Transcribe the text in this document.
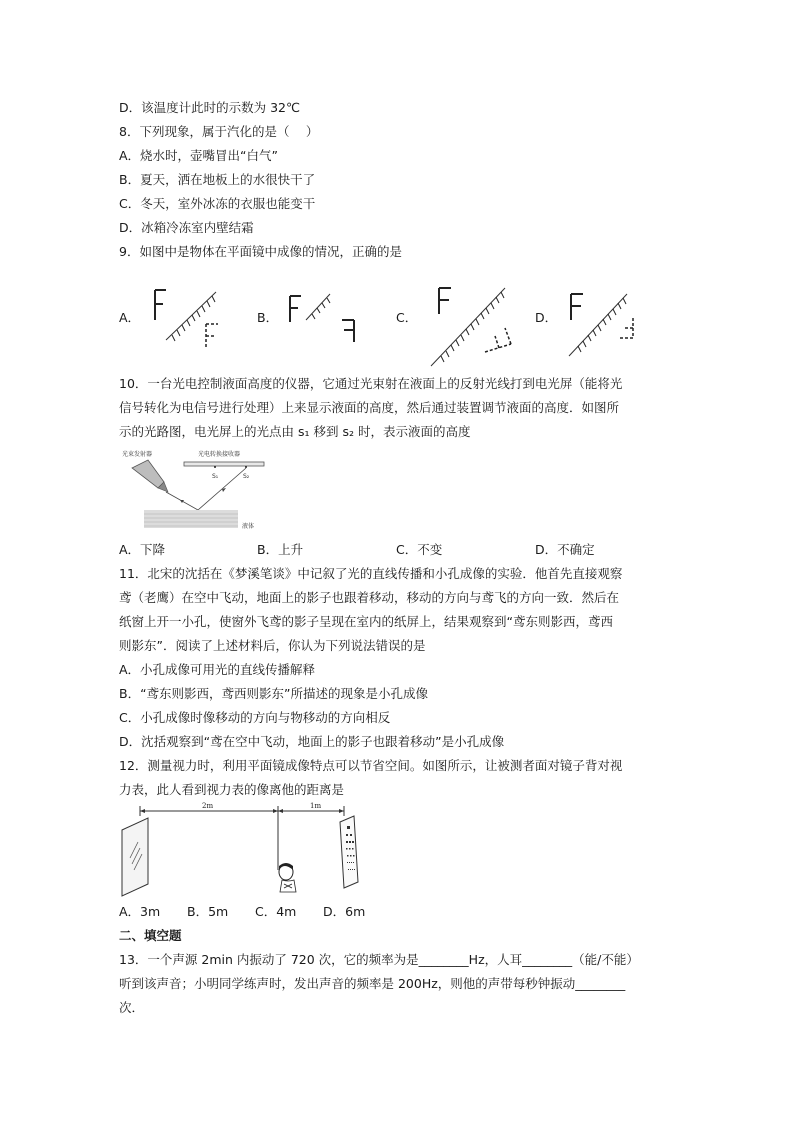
D．该温度计此时的示数为 32℃
8．下列现象，属于汽化的是（　 ）
A．烧水时，壶嘴冒出“白气”
B．夏天，洒在地板上的水很快干了
C．冬天，室外冰冻的衣服也能变干
D．冰箱冷冻室内壁结霜
9．如图中是物体在平面镜中成像的情况，正确的是
A．	B．	C．	D．
10．一台光电控制液面高度的仪器，它通过光束射在液面上的反射光线打到电光屏（能将光
信号转化为电信号进行处理）上来显示液面的高度，然后通过装置调节液面的高度．如图所
示的光路图，电光屏上的光点由 s₁ 移到 s₂ 时，表示液面的高度
光束发射器	光电转换接收器
S₁	S₂
液体
A．下降	B．上升	C．不变	D．不确定
11．北宋的沈括在《梦溪笔谈》中记叙了光的直线传播和小孔成像的实验．他首先直接观察
鸢（老鹰）在空中飞动，地面上的影子也跟着移动，移动的方向与鸢飞的方向一致．然后在
纸窗上开一小孔，使窗外飞鸢的影子呈现在室内的纸屏上，结果观察到“鸢东则影西，鸢西
则影东”．阅读了上述材料后，你认为下列说法错误的是
A．小孔成像可用光的直线传播解释
B．“鸢东则影西，鸢西则影东”所描述的现象是小孔成像
C．小孔成像时像移动的方向与物移动的方向相反
D．沈括观察到“鸢在空中飞动，地面上的影子也跟着移动”是小孔成像
12．测量视力时，利用平面镜成像特点可以节省空间。如图所示，让被测者面对镜子背对视
力表，此人看到视力表的像离他的距离是
2m	1m
A．3m B．5m C．4m D．6m
二、填空题
13．一个声源 2min 内振动了 720 次，它的频率为是________Hz，人耳________（能/不能）
听到该声音；小明同学练声时，发出声音的频率是 200Hz，则他的声带每秒钟振动________
次．
